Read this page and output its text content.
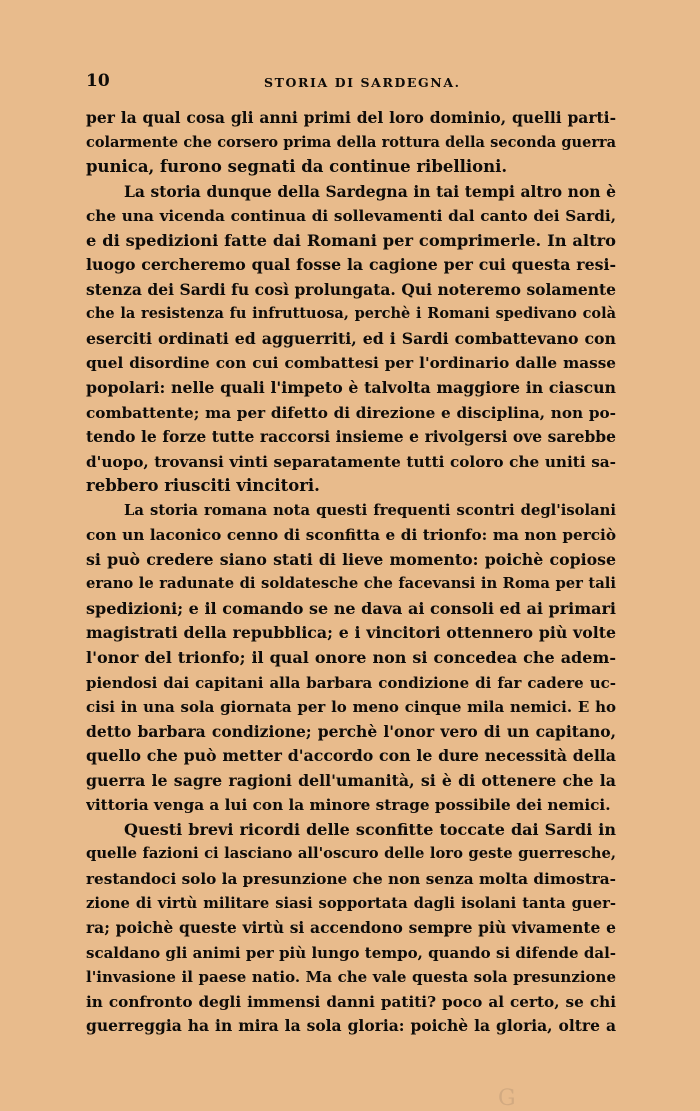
10	STORIA DI SARDEGNA.
per la qual cosa gli anni primi del loro dominio, quelli parti-
colarmente che corsero prima della rottura della seconda guerra
punica, furono segnati da continue ribellioni.
La storia dunque della Sardegna in tai tempi altro non è
che una vicenda continua di sollevamenti dal canto dei Sardi,
e di spedizioni fatte dai Romani per comprimerle. In altro
luogo cercheremo qual fosse la cagione per cui questa resi-
stenza dei Sardi fu così prolungata. Qui noteremo solamente
che la resistenza fu infruttuosa, perchè i Romani spedivano colà
eserciti ordinati ed agguerriti, ed i Sardi combattevano con
quel disordine con cui combattesi per l'ordinario dalle masse
popolari: nelle quali l'impeto è talvolta maggiore in ciascun
combattente; ma per difetto di direzione e disciplina, non po-
tendo le forze tutte raccorsi insieme e rivolgersi ove sarebbe
d'uopo, trovansi vinti separatamente tutti coloro che uniti sa-
rebbero riusciti vincitori.
La storia romana nota questi frequenti scontri degl'isolani
con un laconico cenno di sconfitta e di trionfo: ma non perciò
si può credere siano stati di lieve momento: poichè copiose
erano le radunate di soldatesche che facevansi in Roma per tali
spedizioni; e il comando se ne dava ai consoli ed ai primari
magistrati della repubblica; e i vincitori ottennero più volte
l'onor del trionfo; il qual onore non si concedea che adem-
piendosi dai capitani alla barbara condizione di far cadere uc-
cisi in una sola giornata per lo meno cinque mila nemici. E ho
detto barbara condizione; perchè l'onor vero di un capitano,
quello che può metter d'accordo con le dure necessità della
guerra le sagre ragioni dell'umanità, si è di ottenere che la
vittoria venga a lui con la minore strage possibile dei nemici.
Questi brevi ricordi delle sconfitte toccate dai Sardi in
quelle fazioni ci lasciano all'oscuro delle loro geste guerresche,
restandoci solo la presunzione che non senza molta dimostra-
zione di virtù militare siasi sopportata dagli isolani tanta guer-
ra; poichè queste virtù si accendono sempre più vivamente e
scaldano gli animi per più lungo tempo, quando si difende dal-
l'invasione il paese natio. Ma che vale questa sola presunzione
in confronto degli immensi danni patiti? poco al certo, se chi
guerreggia ha in mira la sola gloria: poichè la gloria, oltre a
G
